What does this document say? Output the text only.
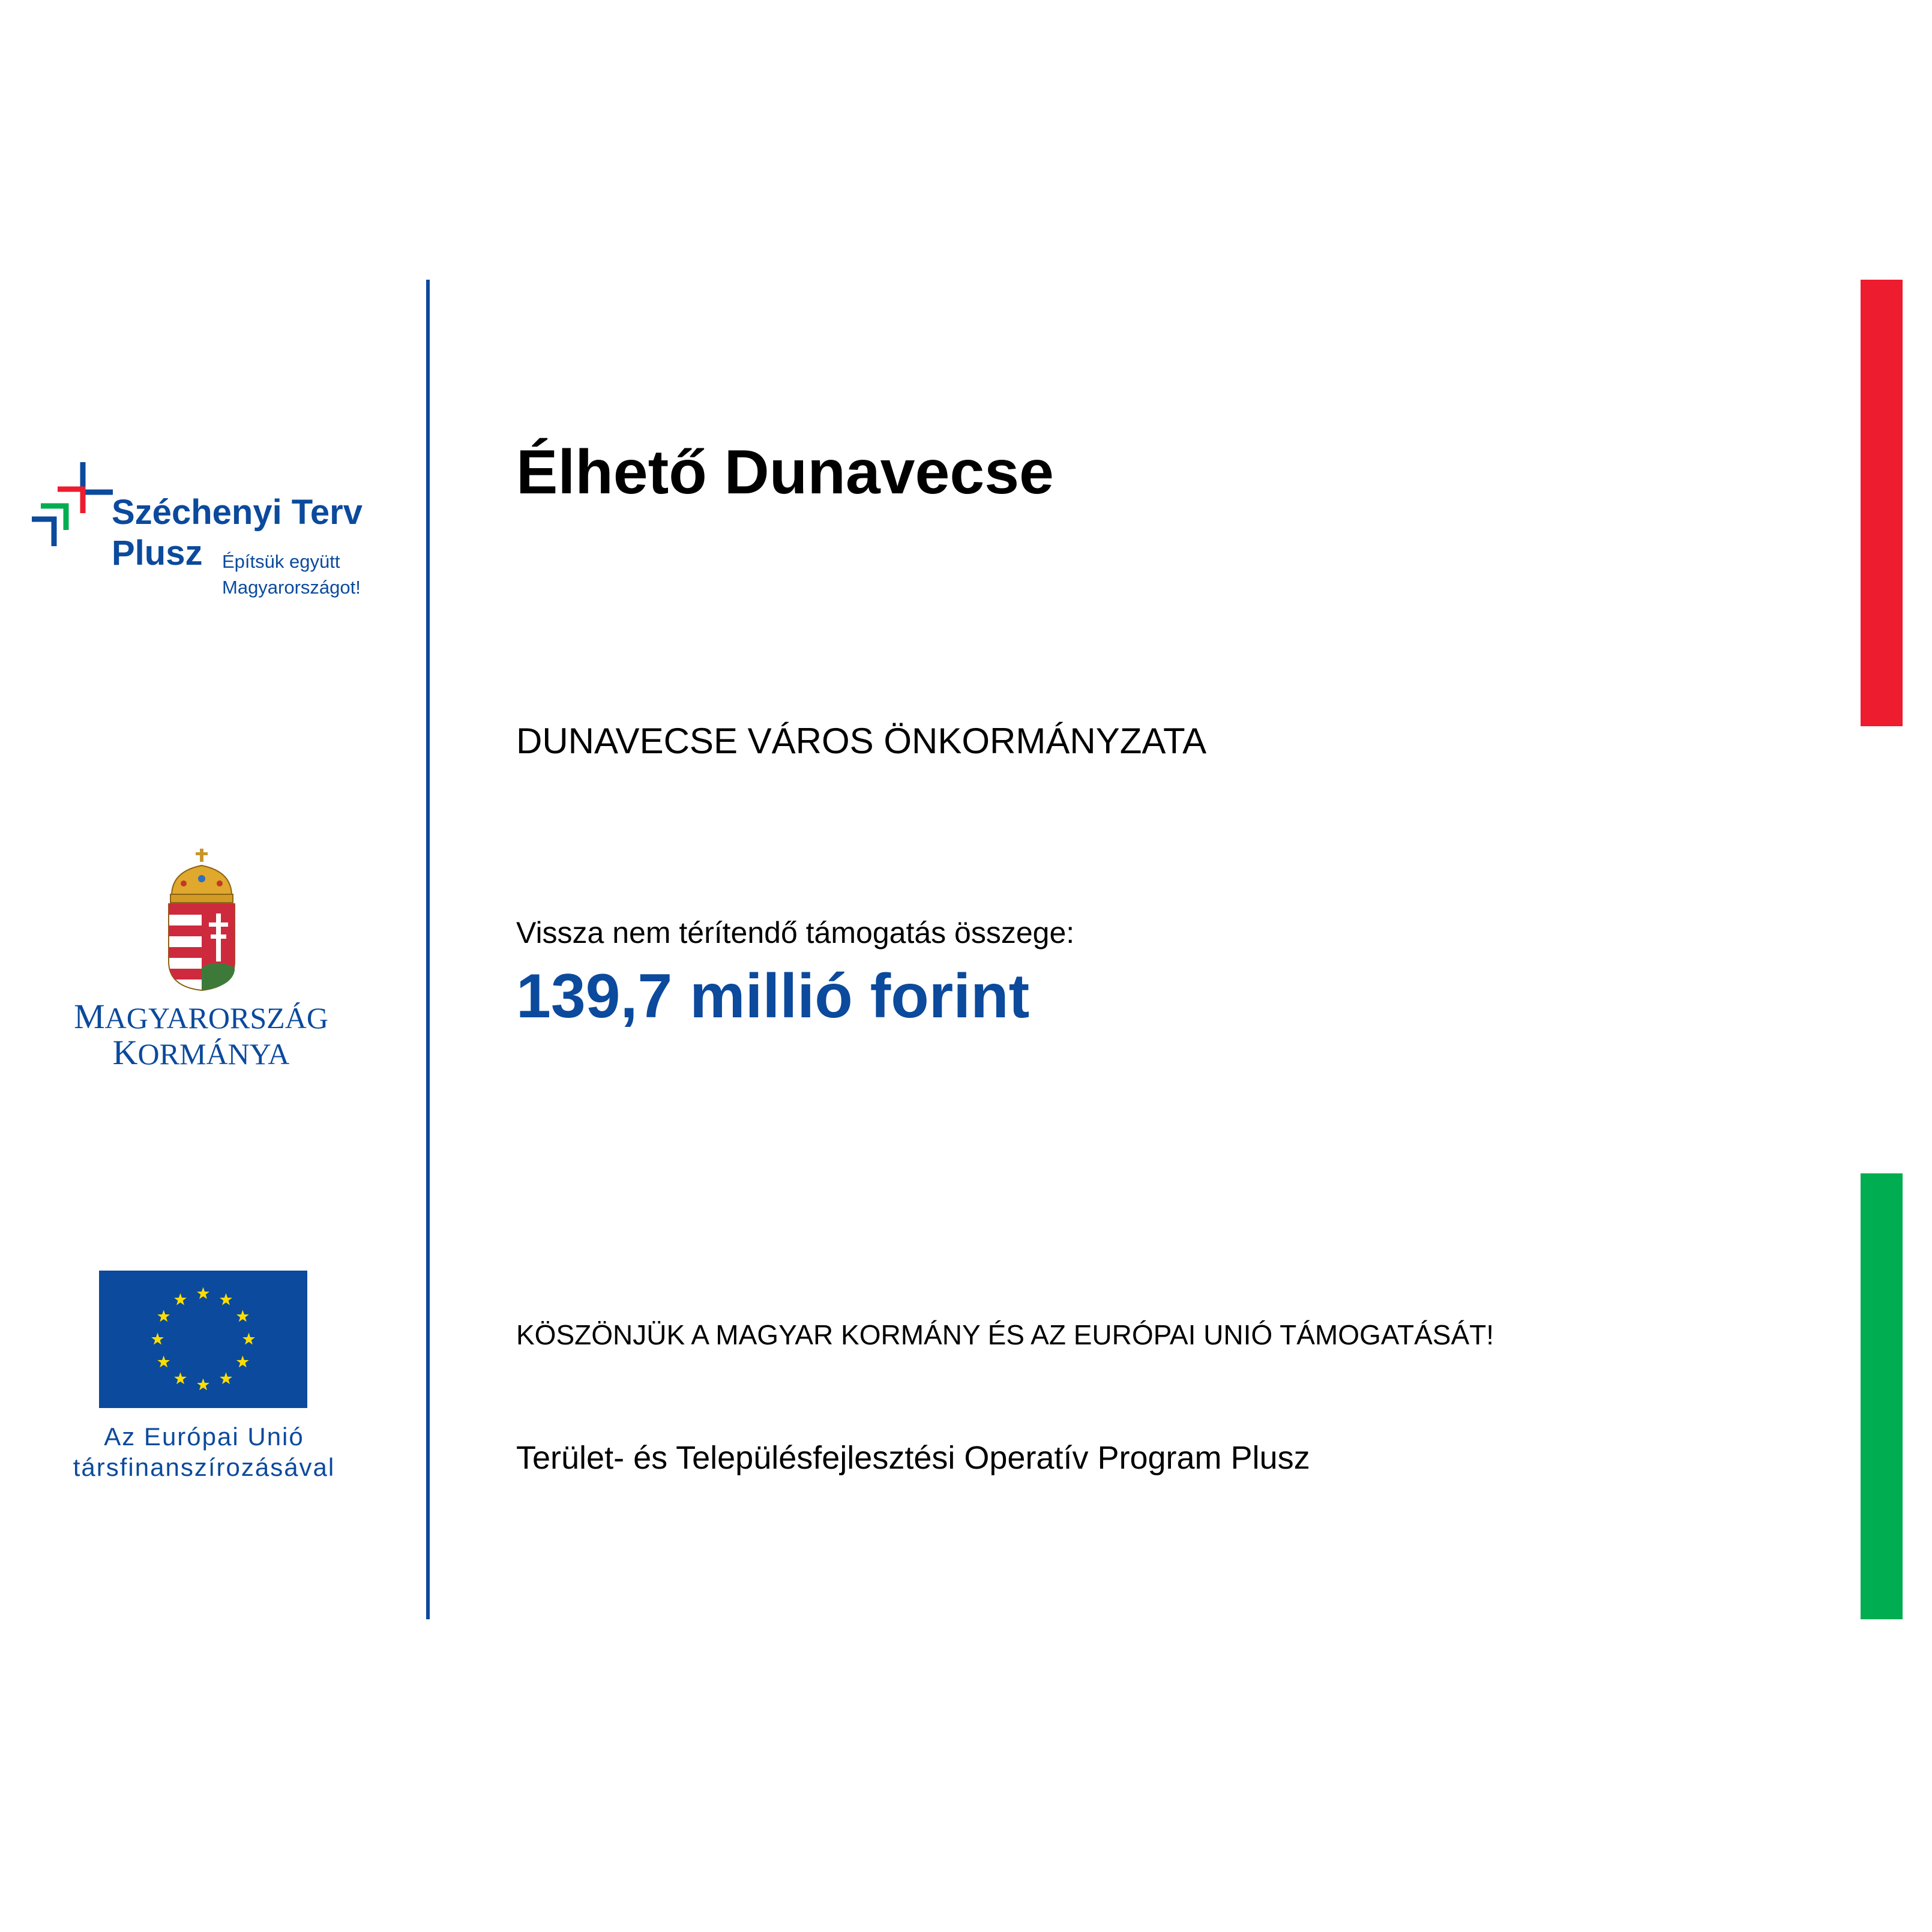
Széchenyi Terv
Plusz Építsük együtt
Magyarországot!
MAGYARORSZÁG
KORMÁNYA
Az Európai Unió
társfinanszírozásával
Élhető Dunavecse
DUNAVECSE VÁROS ÖNKORMÁNYZATA
Vissza nem térítendő támogatás összege:
139,7 millió forint
KÖSZÖNJÜK A MAGYAR KORMÁNY ÉS AZ EURÓPAI UNIÓ TÁMOGATÁSÁT!
Terület- és Településfejlesztési Operatív Program Plusz
